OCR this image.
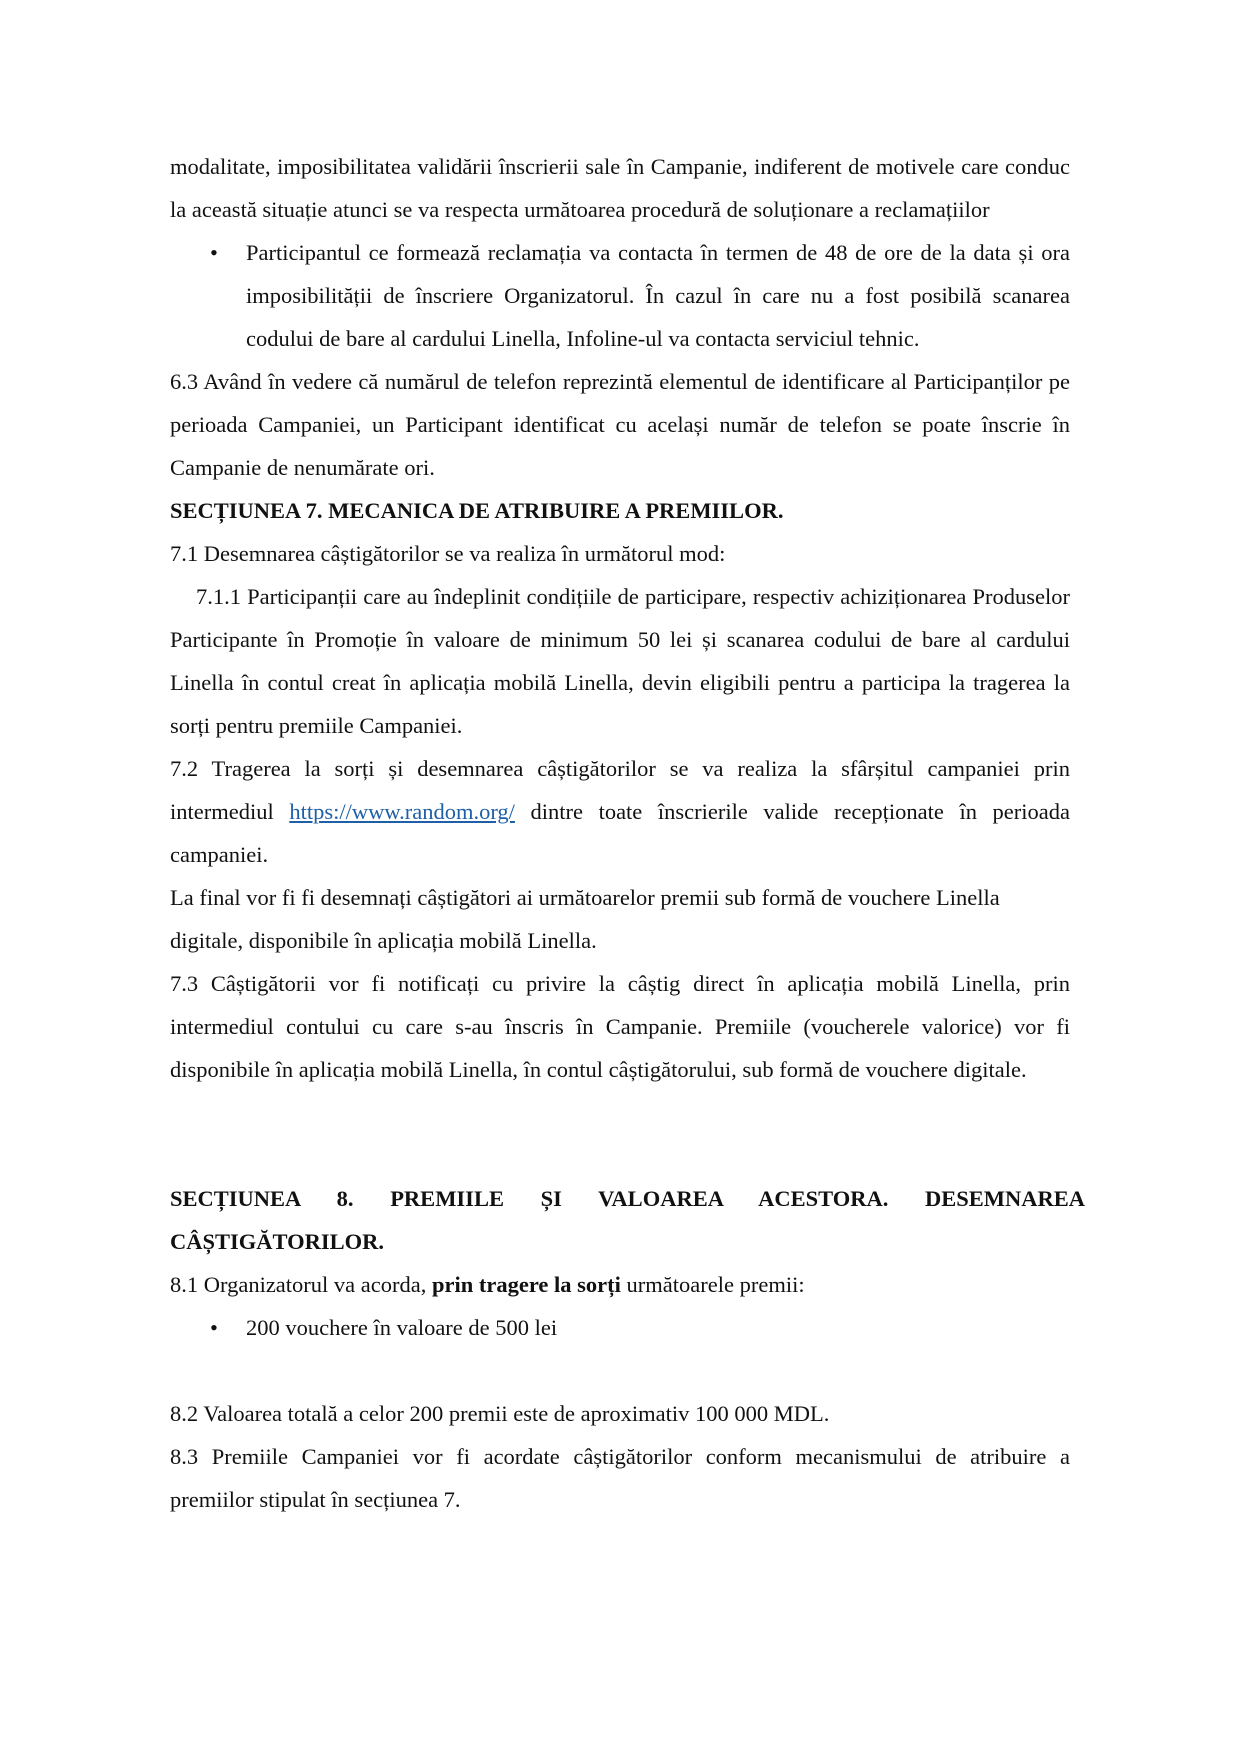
modalitate, imposibilitatea validării înscrierii sale în Campanie, indiferent de motivele care conduc la această situație atunci se va respecta următoarea procedură de soluționare a reclamațiilor

• Participantul ce formează reclamația va contacta în termen de 48 de ore de la data și ora imposibilității de înscriere Organizatorul. În cazul în care nu a fost posibilă scanarea codului de bare al cardului Linella, Infoline-ul va contacta serviciul tehnic.

6.3 Având în vedere că numărul de telefon reprezintă elementul de identificare al Participanților pe perioada Campaniei, un Participant identificat cu același număr de telefon se poate înscrie în Campanie de nenumărate ori.

SECȚIUNEA 7. MECANICA DE ATRIBUIRE A PREMIILOR.

7.1 Desemnarea câștigătorilor se va realiza în următorul mod:

7.1.1 Participanții care au îndeplinit condițiile de participare, respectiv achiziționarea Produselor Participante în Promoție în valoare de minimum 50 lei și scanarea codului de bare al cardului Linella în contul creat în aplicația mobilă Linella, devin eligibili pentru a participa la tragerea la sorți pentru premiile Campaniei.

7.2 Tragerea la sorți și desemnarea câștigătorilor se va realiza la sfârșitul campaniei prin intermediul https://www.random.org/ dintre toate înscrierile valide recepționate în perioada campaniei.

La final vor fi fi desemnați câștigători ai următoarelor premii sub formă de vouchere Linella digitale, disponibile în aplicația mobilă Linella.

7.3 Câștigătorii vor fi notificați cu privire la câștig direct în aplicația mobilă Linella, prin intermediul contului cu care s-au înscris în Campanie. Premiile (voucherele valorice) vor fi disponibile în aplicația mobilă Linella, în contul câștigătorului, sub formă de vouchere digitale.

SECȚIUNEA 8. PREMIILE ȘI VALOAREA ACESTORA. DESEMNAREA CÂȘTIGĂTORILOR.

8.1 Organizatorul va acorda, prin tragere la sorți următoarele premii:

• 200 vouchere în valoare de 500 lei

8.2 Valoarea totală a celor 200 premii este de aproximativ 100 000 MDL.

8.3 Premiile Campaniei vor fi acordate câștigătorilor conform mecanismului de atribuire a premiilor stipulat în secțiunea 7.
